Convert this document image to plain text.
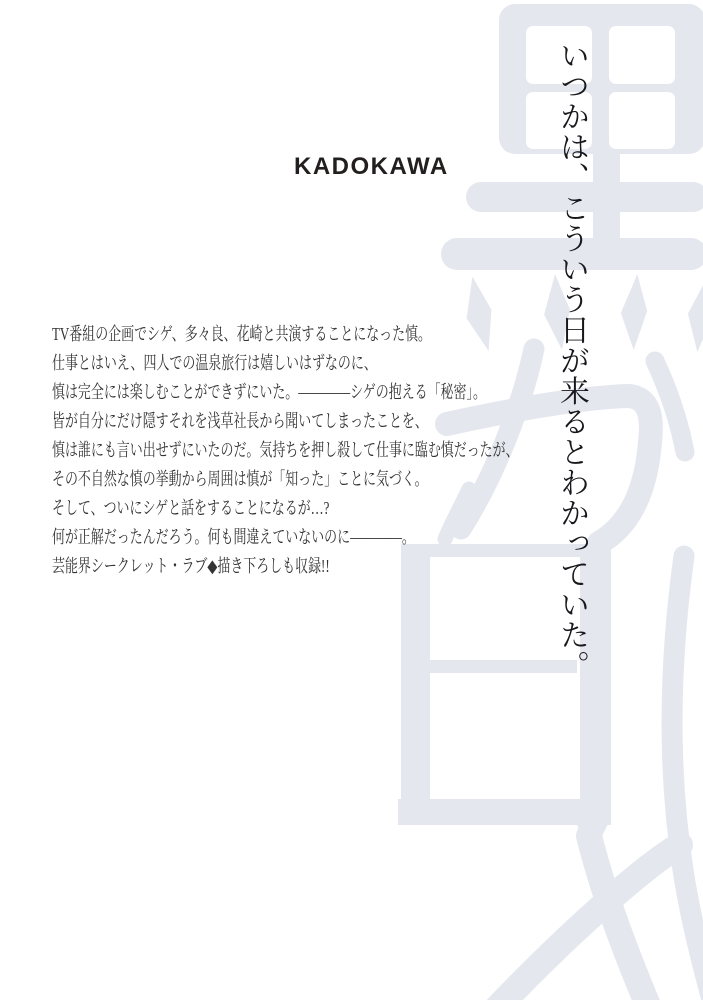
KADOKAWA

TV番組の企画でシゲ、多々良、花崎と共演することになった慎。

仕事とはいえ、四人での温泉旅行は嬉しいはずなのに、

慎は完全には楽しむことができずにいた。――――シゲの抱える「秘密」。

皆が自分にだけ隠すそれを浅草社長から聞いてしまったことを、

慎は誰にも言い出せずにいたのだ。気持ちを押し殺して仕事に臨む慎だったが、

その不自然な慎の挙動から周囲は慎が「知った」ことに気づく。

そして、ついにシゲと話をすることになるが…?

何が正解だったんだろう。何も間違えていないのに――――。

芸能界シークレット・ラブ◆描き下ろしも収録!!	いつかは、こういう日が来るとわかっていた。
